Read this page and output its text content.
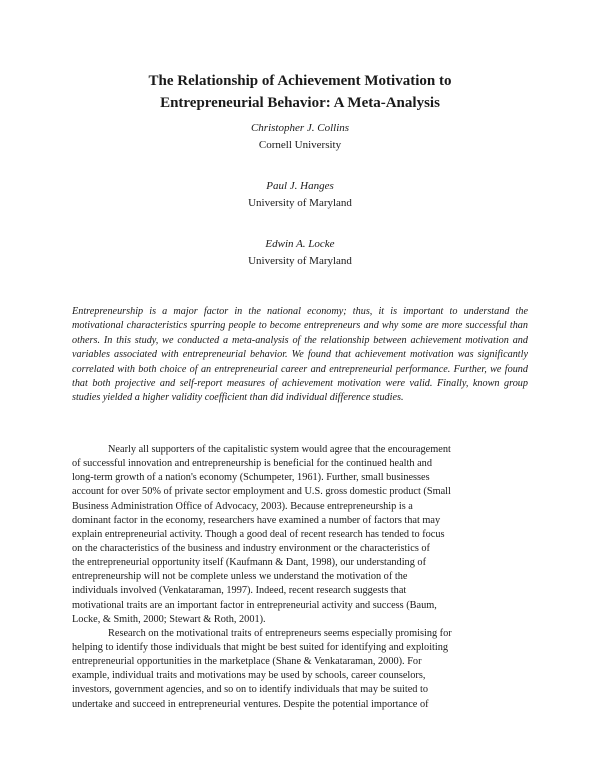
The Relationship of Achievement Motivation to
Entrepreneurial Behavior: A Meta-Analysis
Christopher J. Collins
Cornell University
Paul J. Hanges
University of Maryland
Edwin A. Locke
University of Maryland
Entrepreneurship is a major factor in the national economy; thus, it is important to understand the motivational characteristics spurring people to become entrepreneurs and why some are more successful than others. In this study, we conducted a meta-analysis of the relationship between achievement motivation and variables associated with entrepreneurial behavior. We found that achievement motivation was significantly correlated with both choice of an entrepreneurial career and entrepreneurial performance. Further, we found that both projective and self-report measures of achievement motivation were valid. Finally, known group studies yielded a higher validity coefficient than did individual difference studies.
Nearly all supporters of the capitalistic system would agree that the encouragement
of successful innovation and entrepreneurship is beneficial for the continued health and
long-term growth of a nation's economy (Schumpeter, 1961). Further, small businesses
account for over 50% of private sector employment and U.S. gross domestic product (Small
Business Administration Office of Advocacy, 2003). Because entrepreneurship is a
dominant factor in the economy, researchers have examined a number of factors that may
explain entrepreneurial activity. Though a good deal of recent research has tended to focus
on the characteristics of the business and industry environment or the characteristics of
the entrepreneurial opportunity itself (Kaufmann & Dant, 1998), our understanding of
entrepreneurship will not be complete unless we understand the motivation of the
individuals involved (Venkataraman, 1997). Indeed, recent research suggests that
motivational traits are an important factor in entrepreneurial activity and success (Baum,
Locke, & Smith, 2000; Stewart & Roth, 2001).
Research on the motivational traits of entrepreneurs seems especially promising for
helping to identify those individuals that might be best suited for identifying and exploiting
entrepreneurial opportunities in the marketplace (Shane & Venkataraman, 2000). For
example, individual traits and motivations may be used by schools, career counselors,
investors, government agencies, and so on to identify individuals that may be suited to
undertake and succeed in entrepreneurial ventures. Despite the potential importance of
